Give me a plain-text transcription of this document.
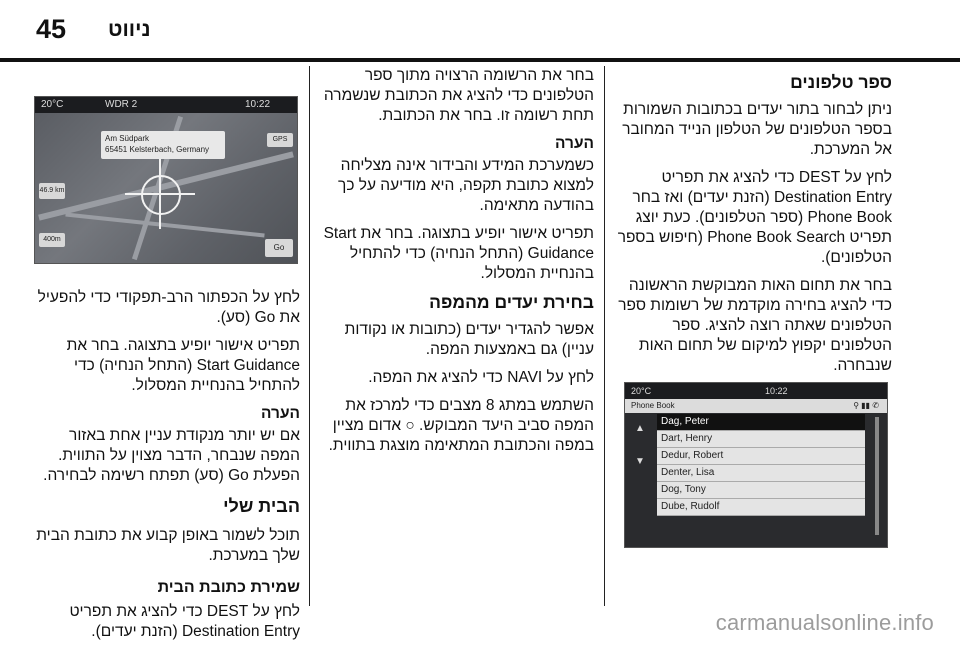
45 ניווט
ספר טלפונים

ניתן לבחור בתור יעדים בכתובות השמורות בספר הטלפונים של הטלפון הנייד המחובר אל המערכת.

לחץ על DEST כדי להציג את תפריט Destination Entry (הזנת יעדים) ואז בחר Phone Book (ספר הטלפונים). כעת יוצג תפריט Phone Book Search (חיפוש בספר הטלפונים).

בחר את תחום האות המבוקשת הראשונה כדי להציג בחירה מוקדמת של רשומות ספר הטלפונים שאתה רוצה להציג. ספר הטלפונים יקפוץ למיקום של תחום האות שנבחרה.

20°C	10:22
Phone Book	⚲ ▮▮ ✆
▲

▼
Dag, Peter
Dart, Henry
Dedur, Robert
Denter, Lisa
Dog, Tony
Dube, Rudolf

בחר את הרשומה הרצויה מתוך ספר הטלפונים כדי להציג את הכתובת שנשמרה תחת רשומה זו. בחר את הכתובת.

הערה

כשמערכת המידע והבידור אינה מצליחה למצוא כתובת תקפה, היא מודיעה על כך בהודעה מתאימה.

תפריט אישור יופיע בתצוגה. בחר את Start Guidance (התחל הנחיה) כדי להתחיל בהנחיית המסלול.

בחירת יעדים מהמפה

אפשר להגדיר יעדים (כתובות או נקודות עניין) גם באמצעות המפה.

לחץ על NAVI כדי להציג את המפה.

השתמש במתג 8 מצבים כדי למרכז את המפה סביב היעד המבוקש. ○ אדום מציין במפה והכתובת המתאימה מוצגת בתווית.

20°C	WDR 2	10:22
Am Südpark
65451 Kelsterbach, Germany
GPS
46.9 km
400m
Go

לחץ על הכפתור הרב-תפקודי כדי להפעיל את Go (סע).

תפריט אישור יופיע בתצוגה. בחר את Start Guidance (התחל הנחיה) כדי להתחיל בהנחיית המסלול.

הערה

אם יש יותר מנקודת עניין אחת באזור המפה שנבחר, הדבר מצוין על התווית. הפעלת Go (סע) תפתח רשימה לבחירה.

הבית שלי

תוכל לשמור באופן קבוע את כתובת הבית שלך במערכת.

שמירת כתובת הבית

לחץ על DEST כדי להציג את תפריט Destination Entry (הזנת יעדים).	carmanualsonline.info
